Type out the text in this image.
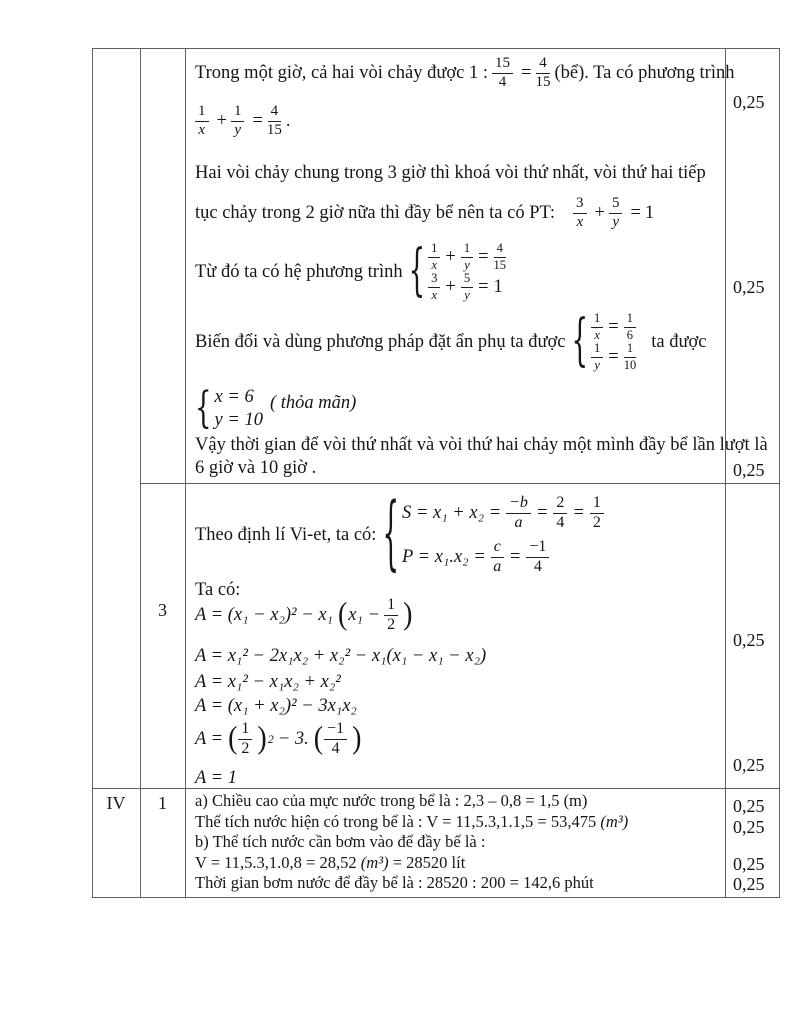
IV
3
1
Trong một giờ, cả hai vòi chảy được 1 : $\frac{15}{4} = \frac{4}{15}$ (bể). Ta có phương trình
$\frac{1}{x} + \frac{1}{y} = \frac{4}{15}$ .
Hai vòi chảy chung trong 3 giờ thì khoá vòi thứ nhất, vòi thứ hai tiếp
tục chảy trong 2 giờ nữa thì đầy bể nên ta có PT: $\frac{3}{x} + \frac{5}{y} = 1$
Từ đó ta có hệ phương trình { $\frac{1}{x} + \frac{1}{y} = \frac{4}{15}$
$\frac{3}{x} + \frac{5}{y} = 1$
Biến đổi và dùng phương pháp đặt ẩn phụ ta được { $\frac{1}{x} = \frac{1}{6}$
$\frac{1}{y} = \frac{1}{10}$
ta được
{ x = 6
y = 10
( thỏa mãn)
Vậy thời gian để vòi thứ nhất và vòi thứ hai chảy một mình đầy bể lần lượt là
6 giờ và 10 giờ .
Theo định lí Vi-et, ta có: { $S = x_1 + x_2 = \frac{-b}{a} = \frac{2}{4} = \frac{1}{2}$
$P = x_1.x_2 = \frac{c}{a} = \frac{-1}{4}$
Ta có:
A = (x₁ − x₂)² − x₁ ( $x_1 - \frac{1}{2}$ )
A = x₁² − 2x₁x₂ + x₂² − x₁(x₁ − x₁ − x₂)
A = x₁² − x₁x₂ + x₂²
A = (x₁ + x₂)² − 3x₁x₂
A = ( $\frac{1}{2}$ ) 2 − 3. ( $\frac{-1}{4}$ )
A = 1
a) Chiều cao của mực nước trong bể là : 2,3 – 0,8 = 1,5 (m)
Thể tích nước hiện có trong bể là : V = 11,5.3,1.1,5 = 53,475 (m³)
b) Thể tích nước cần bơm vào để đầy bể là :
V = 11,5.3,1.0,8 = 28,52 (m³) = 28520 lít
Thời gian bơm nước để đầy bể là : 28520 : 200 = 142,6 phút
0,25
0,25
0,25
0,25
0,25
0,25
0,25
0,25
0,25
